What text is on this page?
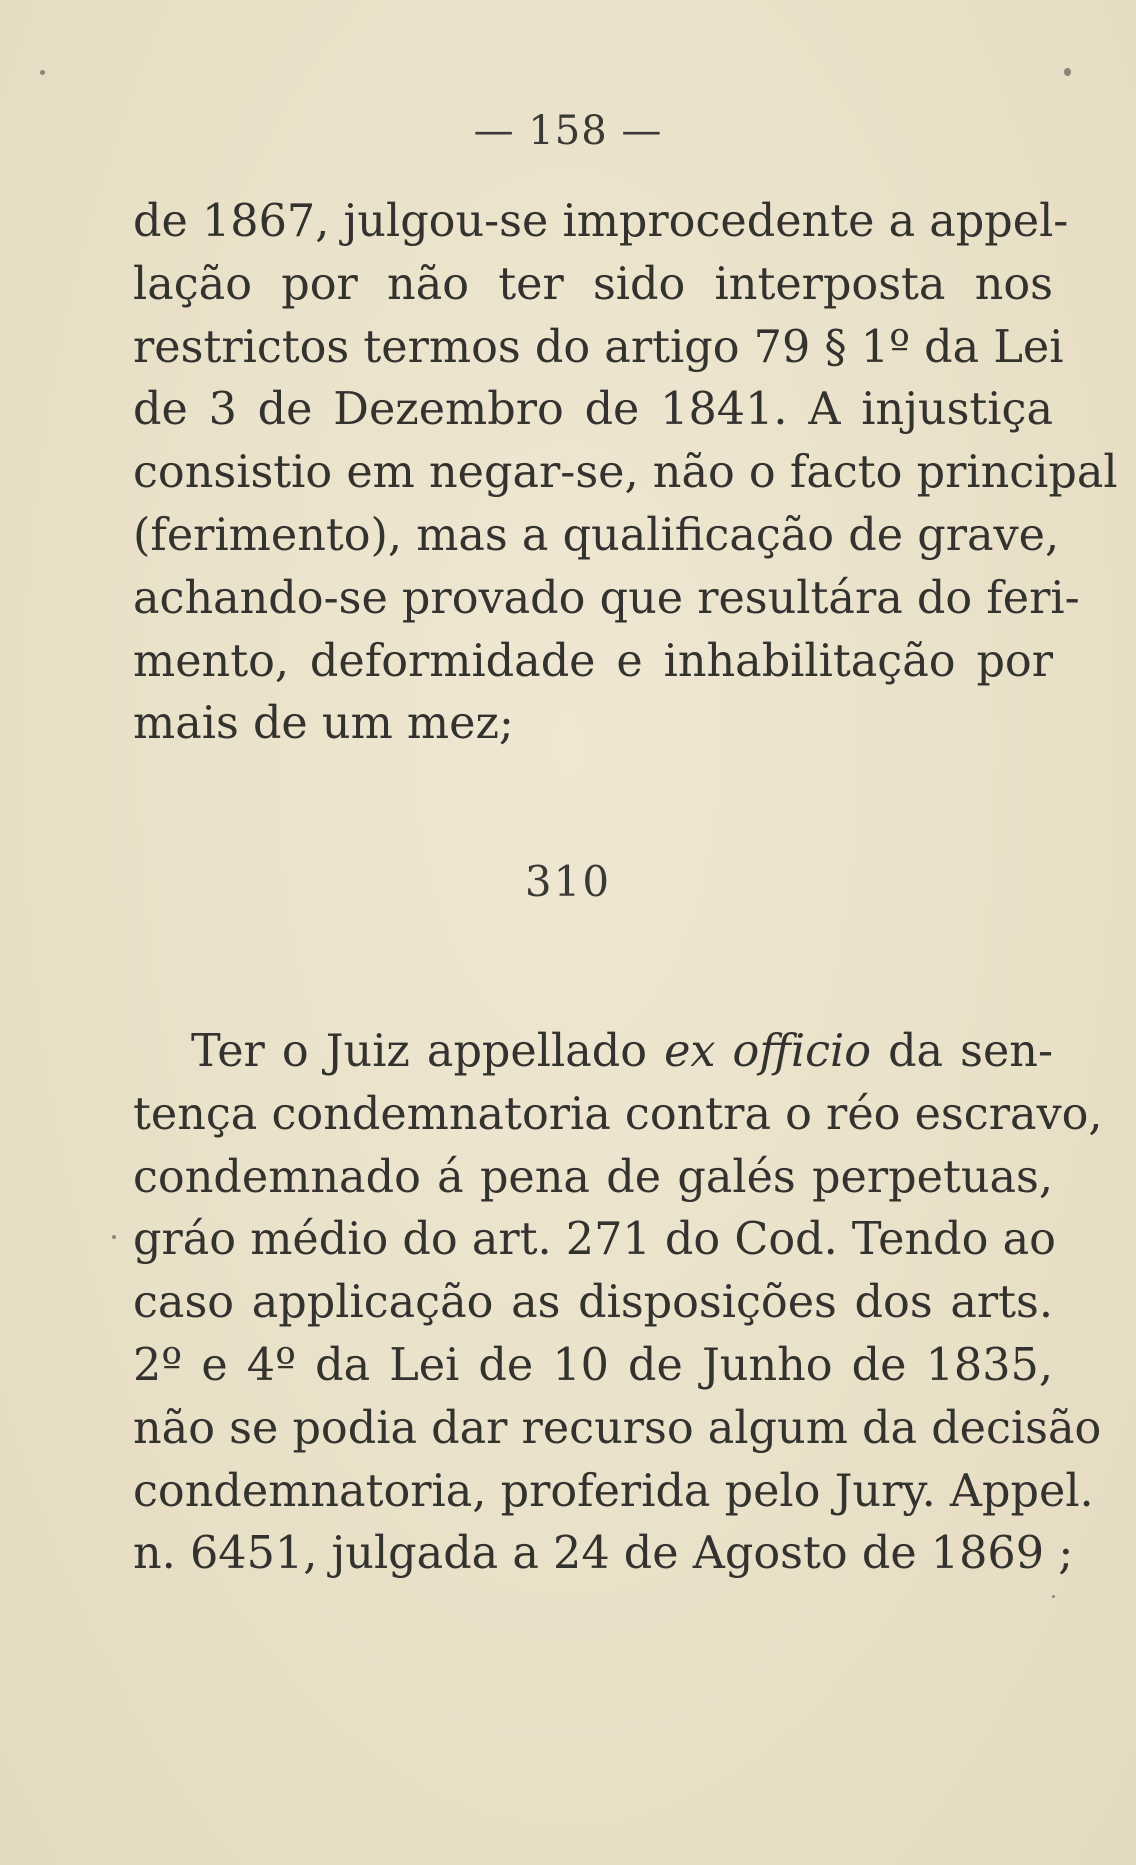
— 158 —
de 1867, julgou-se improcedente a appel-
lação por não ter sido interposta nos
restrictos termos do artigo 79 § 1º da Lei
de 3 de Dezembro de 1841. A injustiça
consistio em negar-se, não o facto principal
(ferimento), mas a qualificação de grave,
achando-se provado que resultára do feri-
mento, deformidade e inhabilitação por
mais de um mez;
310
Ter o Juiz appellado ex officio da sen-
tença condemnatoria contra o réo escravo,
condemnado á pena de galés perpetuas,
gráo médio do art. 271 do Cod. Tendo ao
caso applicação as disposições dos arts.
2º e 4º da Lei de 10 de Junho de 1835,
não se podia dar recurso algum da decisão
condemnatoria, proferida pelo Jury. Appel.
n. 6451, julgada a 24 de Agosto de 1869 ;
